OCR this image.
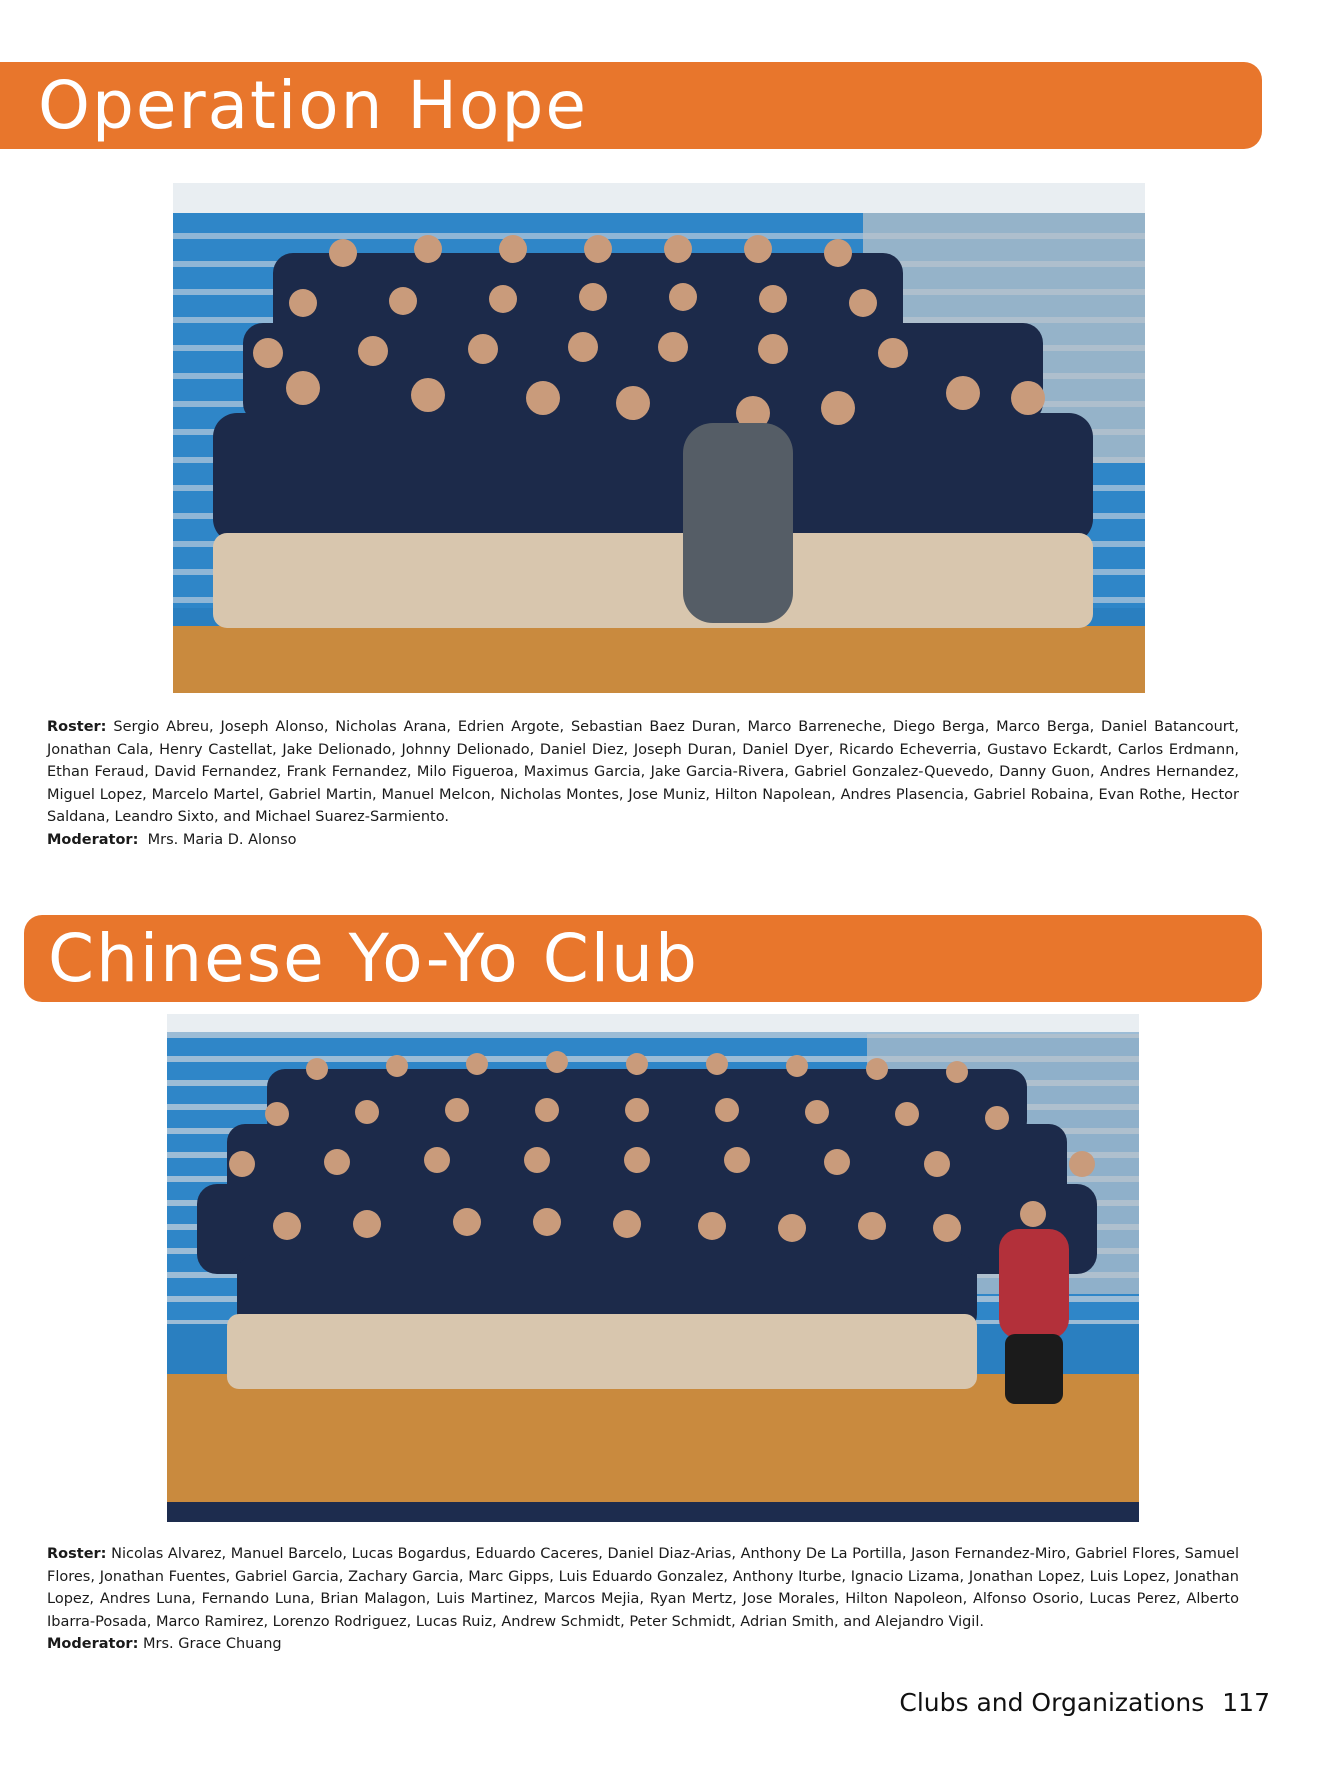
Operation Hope

Roster: Sergio Abreu, Joseph Alonso, Nicholas Arana, Edrien Argote, Sebastian Baez Duran, Marco Barreneche, Diego Berga, Marco Berga, Daniel Batancourt, Jonathan Cala, Henry Castellat, Jake Delionado, Johnny Delionado, Daniel Diez, Joseph Duran, Daniel Dyer, Ricardo Echeverria, Gustavo Eckardt, Carlos Erdmann, Ethan Feraud, David Fernandez, Frank Fernandez, Milo Figueroa, Maximus Garcia, Jake Garcia-Rivera, Gabriel Gonzalez-Quevedo, Danny Guon, Andres Hernandez, Miguel Lopez, Marcelo Martel, Gabriel Martin, Manuel Melcon, Nicholas Montes, Jose Muniz, Hilton Napolean, Andres Plasencia, Gabriel Robaina, Evan Rothe, Hector Saldana, Leandro Sixto, and Michael Suarez-Sarmiento.

Moderator: Mrs. Maria D. Alonso

Chinese Yo-Yo Club

Roster: Nicolas Alvarez, Manuel Barcelo, Lucas Bogardus, Eduardo Caceres, Daniel Diaz-Arias, Anthony De La Portilla, Jason Fernandez-Miro, Gabriel Flores, Samuel Flores, Jonathan Fuentes, Gabriel Garcia, Zachary Garcia, Marc Gipps, Luis Eduardo Gonzalez, Anthony Iturbe, Ignacio Lizama, Jonathan Lopez, Luis Lopez, Jonathan Lopez, Andres Luna, Fernando Luna, Brian Malagon, Luis Martinez, Marcos Mejia, Ryan Mertz, Jose Morales, Hilton Napoleon, Alfonso Osorio, Lucas Perez, Alberto Ibarra-Posada, Marco Ramirez, Lorenzo Rodriguez, Lucas Ruiz, Andrew Schmidt, Peter Schmidt, Adrian Smith, and Alejandro Vigil.

Moderator: Mrs. Grace Chuang

Clubs and Organizations 117
